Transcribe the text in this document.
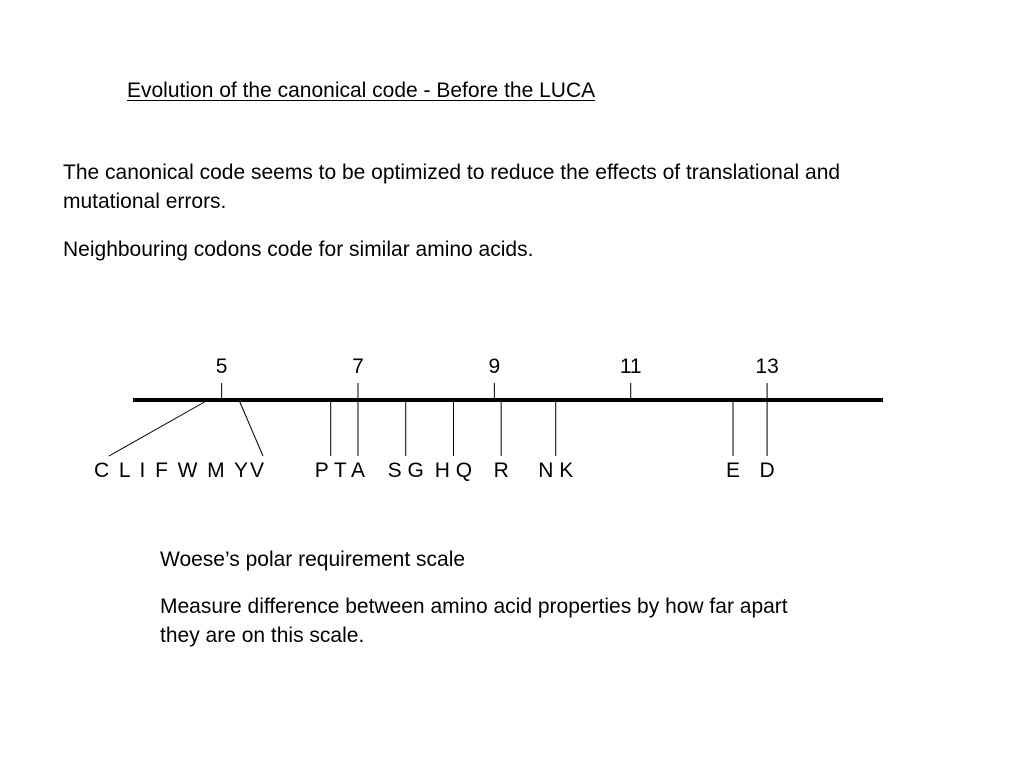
Evolution of the canonical code - Before the LUCA
The canonical code seems to be optimized to reduce the effects of translational and mutational errors.
Neighbouring codons code for similar amino acids.
5	7	9	11	13
C L I F W M Y V P T A S G H Q R N K	E D
Woese’s polar requirement scale
Measure difference between amino acid properties by how far apart they are on this scale.
